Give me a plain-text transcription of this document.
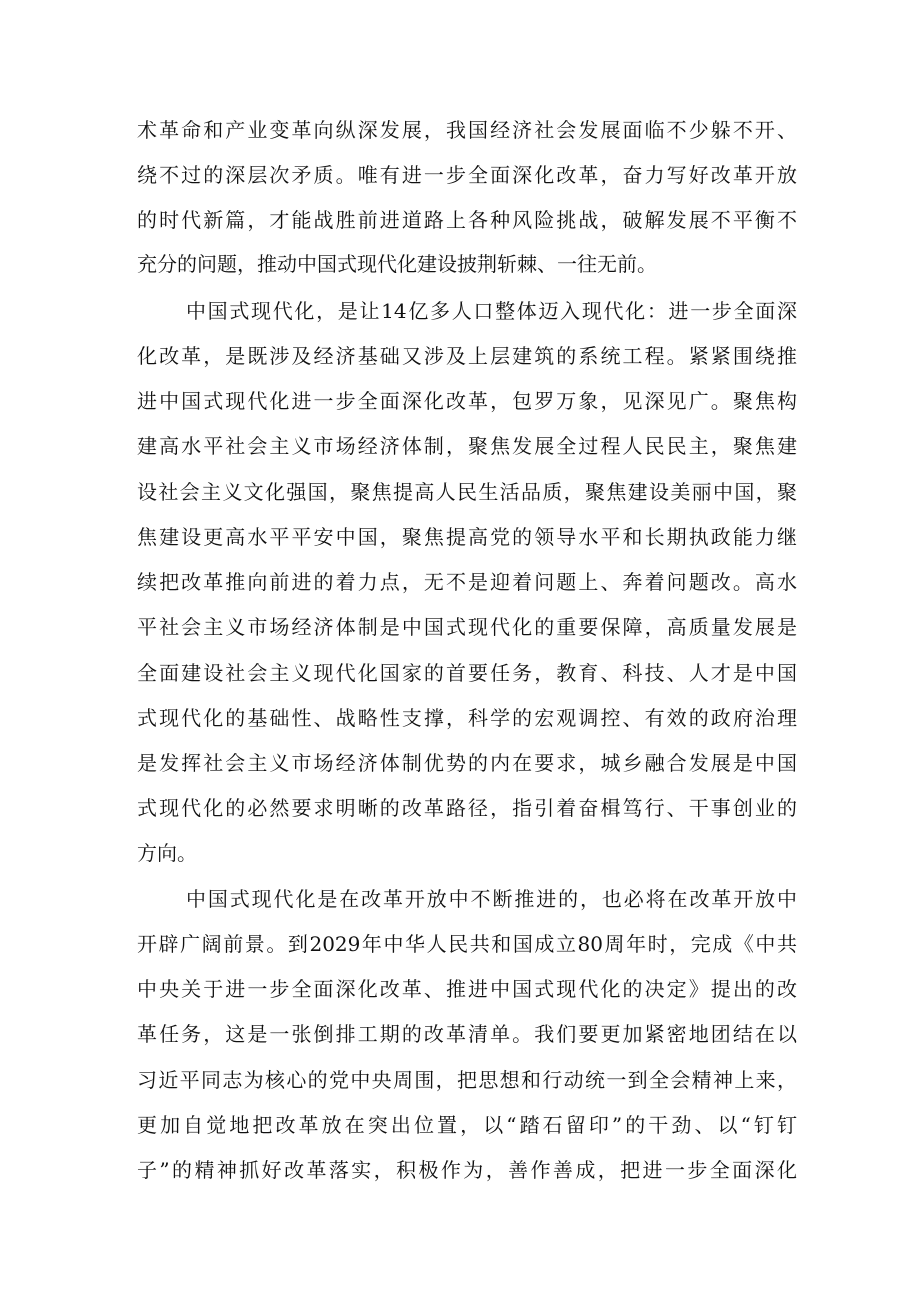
术革命和产业变革向纵深发展，我国经济社会发展面临不少躲不开、
绕不过的深层次矛质。唯有进一步全面深化改革，奋力写好改革开放
的时代新篇，才能战胜前进道路上各种风险挑战，破解发展不平衡不
充分的问题，推动中国式现代化建设披荆斩棘、一往无前。
中国式现代化，是让14亿多人口整体迈入现代化：进一步全面深
化改革，是既涉及经济基础又涉及上层建筑的系统工程。紧紧围绕推
进中国式现代化进一步全面深化改革，包罗万象，见深见广。聚焦构
建高水平社会主义市场经济体制，聚焦发展全过程人民民主，聚焦建
设社会主义文化强国，聚焦提高人民生活品质，聚焦建设美丽中国，聚
焦建设更高水平平安中国，聚焦提高党的领导水平和长期执政能力继
续把改革推向前进的着力点，无不是迎着问题上、奔着问题改。高水
平社会主义市场经济体制是中国式现代化的重要保障，高质量发展是
全面建设社会主义现代化国家的首要任务，教育、科技、人才是中国
式现代化的基础性、战略性支撑，科学的宏观调控、有效的政府治理
是发挥社会主义市场经济体制优势的内在要求，城乡融合发展是中国
式现代化的必然要求明晰的改革路径，指引着奋楫笃行、干事创业的
方向。
中国式现代化是在改革开放中不断推进的，也必将在改革开放中
开辟广阔前景。到2029年中华人民共和国成立80周年时，完成《中共
中央关于进一步全面深化改革、推进中国式现代化的决定》提出的改
革任务，这是一张倒排工期的改革清单。我们要更加紧密地团结在以
习近平同志为核心的党中央周围，把思想和行动统一到全会精神上来，
更加自觉地把改革放在突出位置，以“踏石留印”的干劲、以“钉钉
子”的精神抓好改革落实，积极作为，善作善成，把进一步全面深化
